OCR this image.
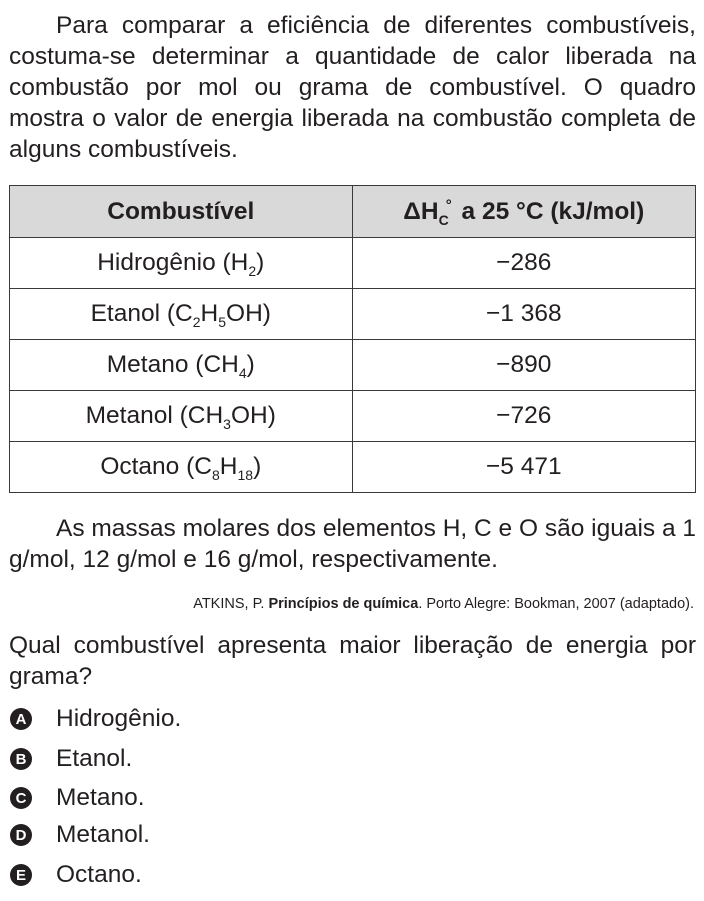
Para comparar a eficiência de diferentes combustíveis, costuma-se determinar a quantidade de calor liberada na combustão por mol ou grama de combustível. O quadro mostra o valor de energia liberada na combustão completa de alguns combustíveis.

Combustível	$\Delta H_C^\circ$ a 25 °C (kJ/mol)
Hidrogênio $(H_2)$	−286
Etanol $(C_2H_5OH)$	−1 368
Metano $(CH_4)$	−890
Metanol $(CH_3OH)$	−726
Octano $(C_8H_{18})$	−5 471

As massas molares dos elementos H, C e O são iguais a 1 g/mol, 12 g/mol e 16 g/mol, respectivamente.

ATKINS, P. Princípios de química. Porto Alegre: Bookman, 2007 (adaptado).

Qual combustível apresenta maior liberação de energia por grama?

A Hidrogênio.
B Etanol.
C Metano.
D Metanol.
E Octano.
